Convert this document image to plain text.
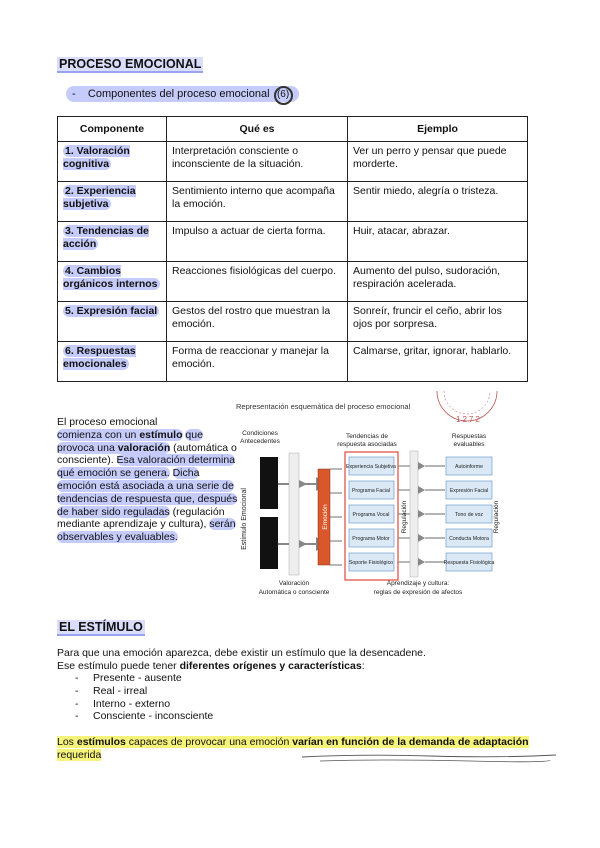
PROCESO EMOCIONAL
- Componentes del proceso emocional (6)
Componente	Qué es	Ejemplo
1. Valoración cognitiva	Interpretación consciente o inconsciente de la situación.	Ver un perro y pensar que puede morderte.
2. Experiencia subjetiva	Sentimiento interno que acompaña la emoción.	Sentir miedo, alegría o tristeza.
3. Tendencias de acción	Impulso a actuar de cierta forma.	Huir, atacar, abrazar.
4. Cambios orgánicos internos	Reacciones fisiológicas del cuerpo.	Aumento del pulso, sudoración, respiración acelerada.
5. Expresión facial	Gestos del rostro que muestran la emoción.	Sonreír, fruncir el ceño, abrir los ojos por sorpresa.
6. Respuestas emocionales	Forma de reaccionar y manejar la emoción.	Calmarse, gritar, ignorar, hablarlo.
El proceso emocional
comienza con un estímulo que provoca una valoración (automática o consciente). Esa valoración determina qué emoción se genera. Dicha emoción está asociada a una serie de tendencias de respuesta que, después de haber sido reguladas (regulación mediante aprendizaje y cultura), serán observables y evaluables.
Representación esquemática del proceso emocional
1272
Condiciones
Antecedentes
Tendencias de
respuesta asociadas
Respuestas
evaluables
Estímulo Emocional	Emoción
Experiencia Subjetiva
Programa Facial
Programa Vocal
Programa Motor
Soporte Fisiológico
Regulación
Autoinforme
Expresión Facial
Tono de voz
Conducta Motora
Respuesta Fisiológica
Regulación
Valoración
Automática o consciente
Aprendizaje y cultura:
reglas de expresión de afectos
EL ESTÍMULO
Para que una emoción aparezca, debe existir un estímulo que la desencadene.
Ese estímulo puede tener diferentes orígenes y características:
- Presente - ausente
- Real - irreal
- Interno - externo
- Consciente - inconsciente
Los estímulos capaces de provocar una emoción varían en función de la demanda de adaptación
requerida
